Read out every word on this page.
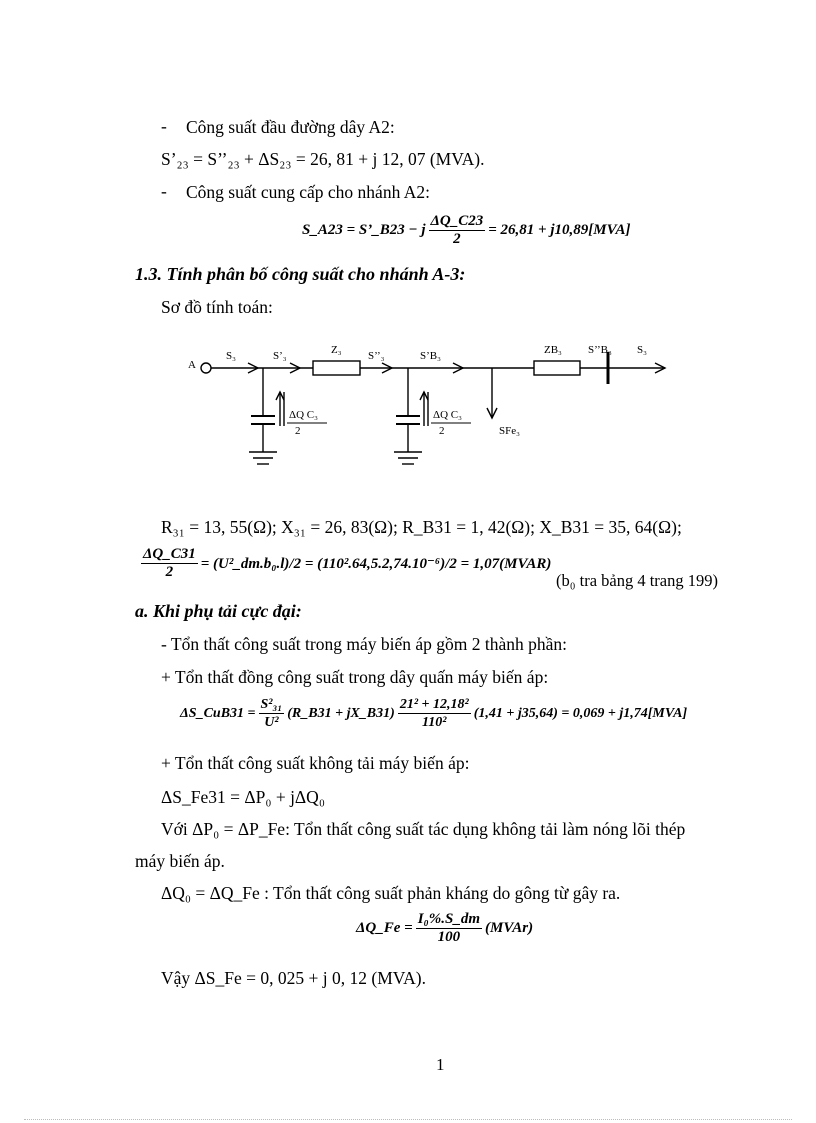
- Công suất đầu đường dây A2:
S’₂₃ = S’’₂₃ + ΔS₂₃ = 26, 81 + j 12, 07 (MVA).
- Công suất cung cấp cho nhánh A2:
S_A23 = S’_B23 − j $\frac{\Delta Q\_C23}{2} = 26,81 + j10,89[MVA]$
1.3. Tính phân bố công suất cho nhánh A-3:
Sơ đồ tính toán:
A
S₃	S’₃	Z₃ S’’₃	S’B₃	ZB₃ S’’B₃ S₃
SFe₃
ΔQ C₃
2
ΔQ C₃
2
R₃₁ = 13, 55(Ω); X₃₁ = 26, 83(Ω); R_B31 = 1, 42(Ω); X_B31 = 35, 64(Ω);
$\frac{\Delta Q\_C31}{2}$ = (U²_dm.b₀.l)/2 = (110².64,5.2,74.10⁻⁶)/2 = 1,07(MVAR)
(b₀ tra bảng 4 trang 199)
a. Khi phụ tải cực đại:
- Tổn thất công suất trong máy biến áp gồm 2 thành phần:
+ Tổn thất đồng công suất trong dây quấn máy biến áp:
ΔS_CuB31 = $\frac{\text{S²₃₁}}{\text{U²}}$ (R_B31 + jX_B31) $\frac{\text{21² + 12,18²}}{\text{110²}} (1,41 + j35,64) = 0,069 + j1,74[MVA]$
+ Tổn thất công suất không tải máy biến áp:
ΔS_Fe31 = ΔP₀ + jΔQ₀
Với ΔP₀ = ΔP_Fe: Tổn thất công suất tác dụng không tải làm nóng lõi thép
máy biến áp.
ΔQ₀ = ΔQ_Fe : Tổn thất công suất phản kháng do gông từ gây ra.
ΔQ_Fe = $\frac{\text{I₀\%.S\_dm}}{100}$ (MVAr)
Vậy ΔS_Fe = 0, 025 + j 0, 12 (MVA).
1
